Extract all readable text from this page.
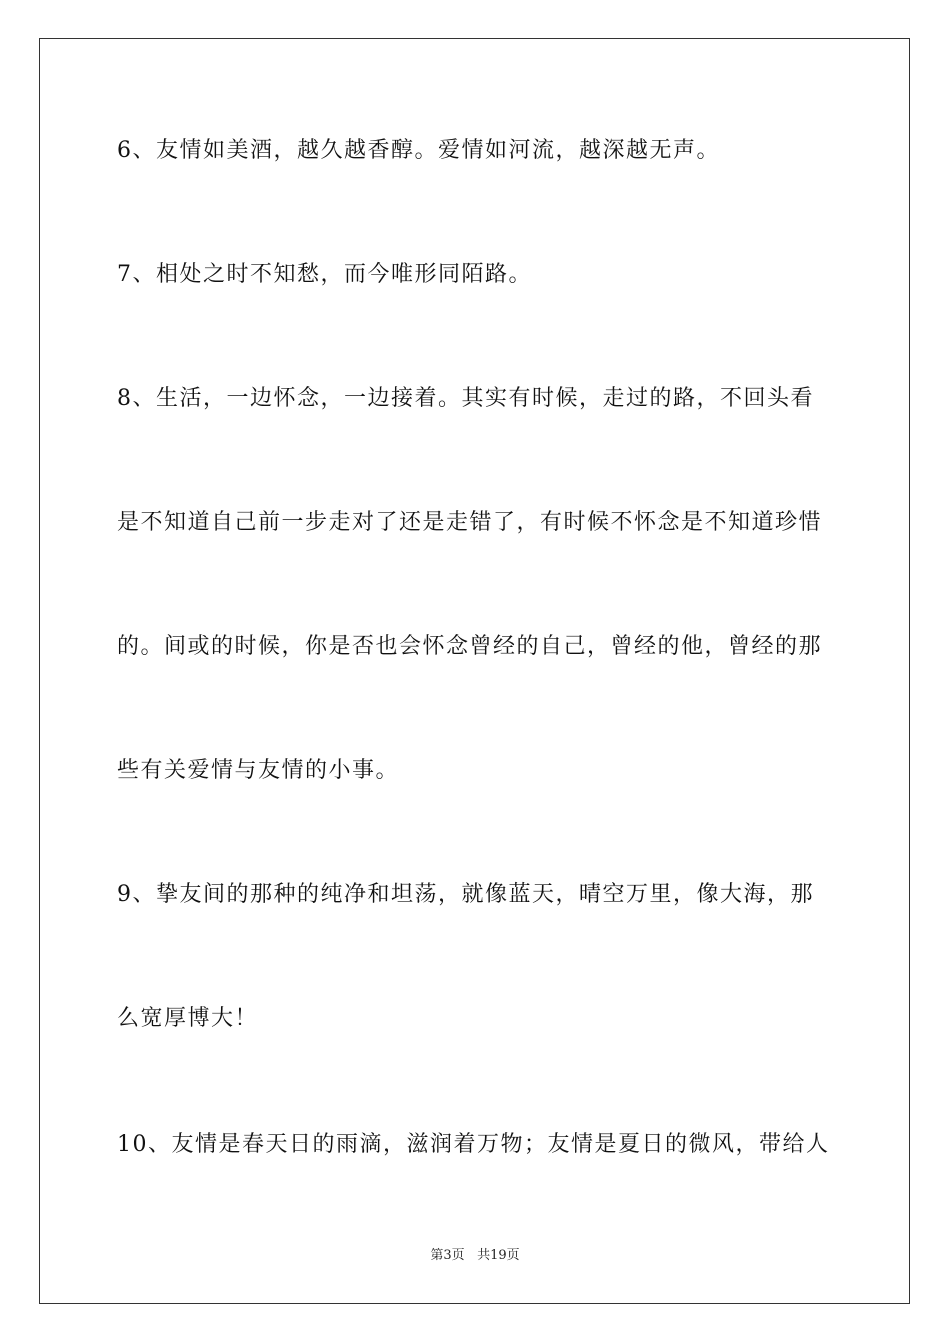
6、友情如美酒，越久越香醇。爱情如河流，越深越无声。
7、相处之时不知愁，而今唯形同陌路。
8、生活，一边怀念，一边接着。其实有时候，走过的路，不回头看
是不知道自己前一步走对了还是走错了，有时候不怀念是不知道珍惜
的。间或的时候，你是否也会怀念曾经的自己，曾经的他，曾经的那
些有关爱情与友情的小事。
9、挚友间的那种的纯净和坦荡，就像蓝天，晴空万里，像大海，那
么宽厚博大！
10、友情是春天日的雨滴，滋润着万物；友情是夏日的微风，带给人
第3页 共19页
